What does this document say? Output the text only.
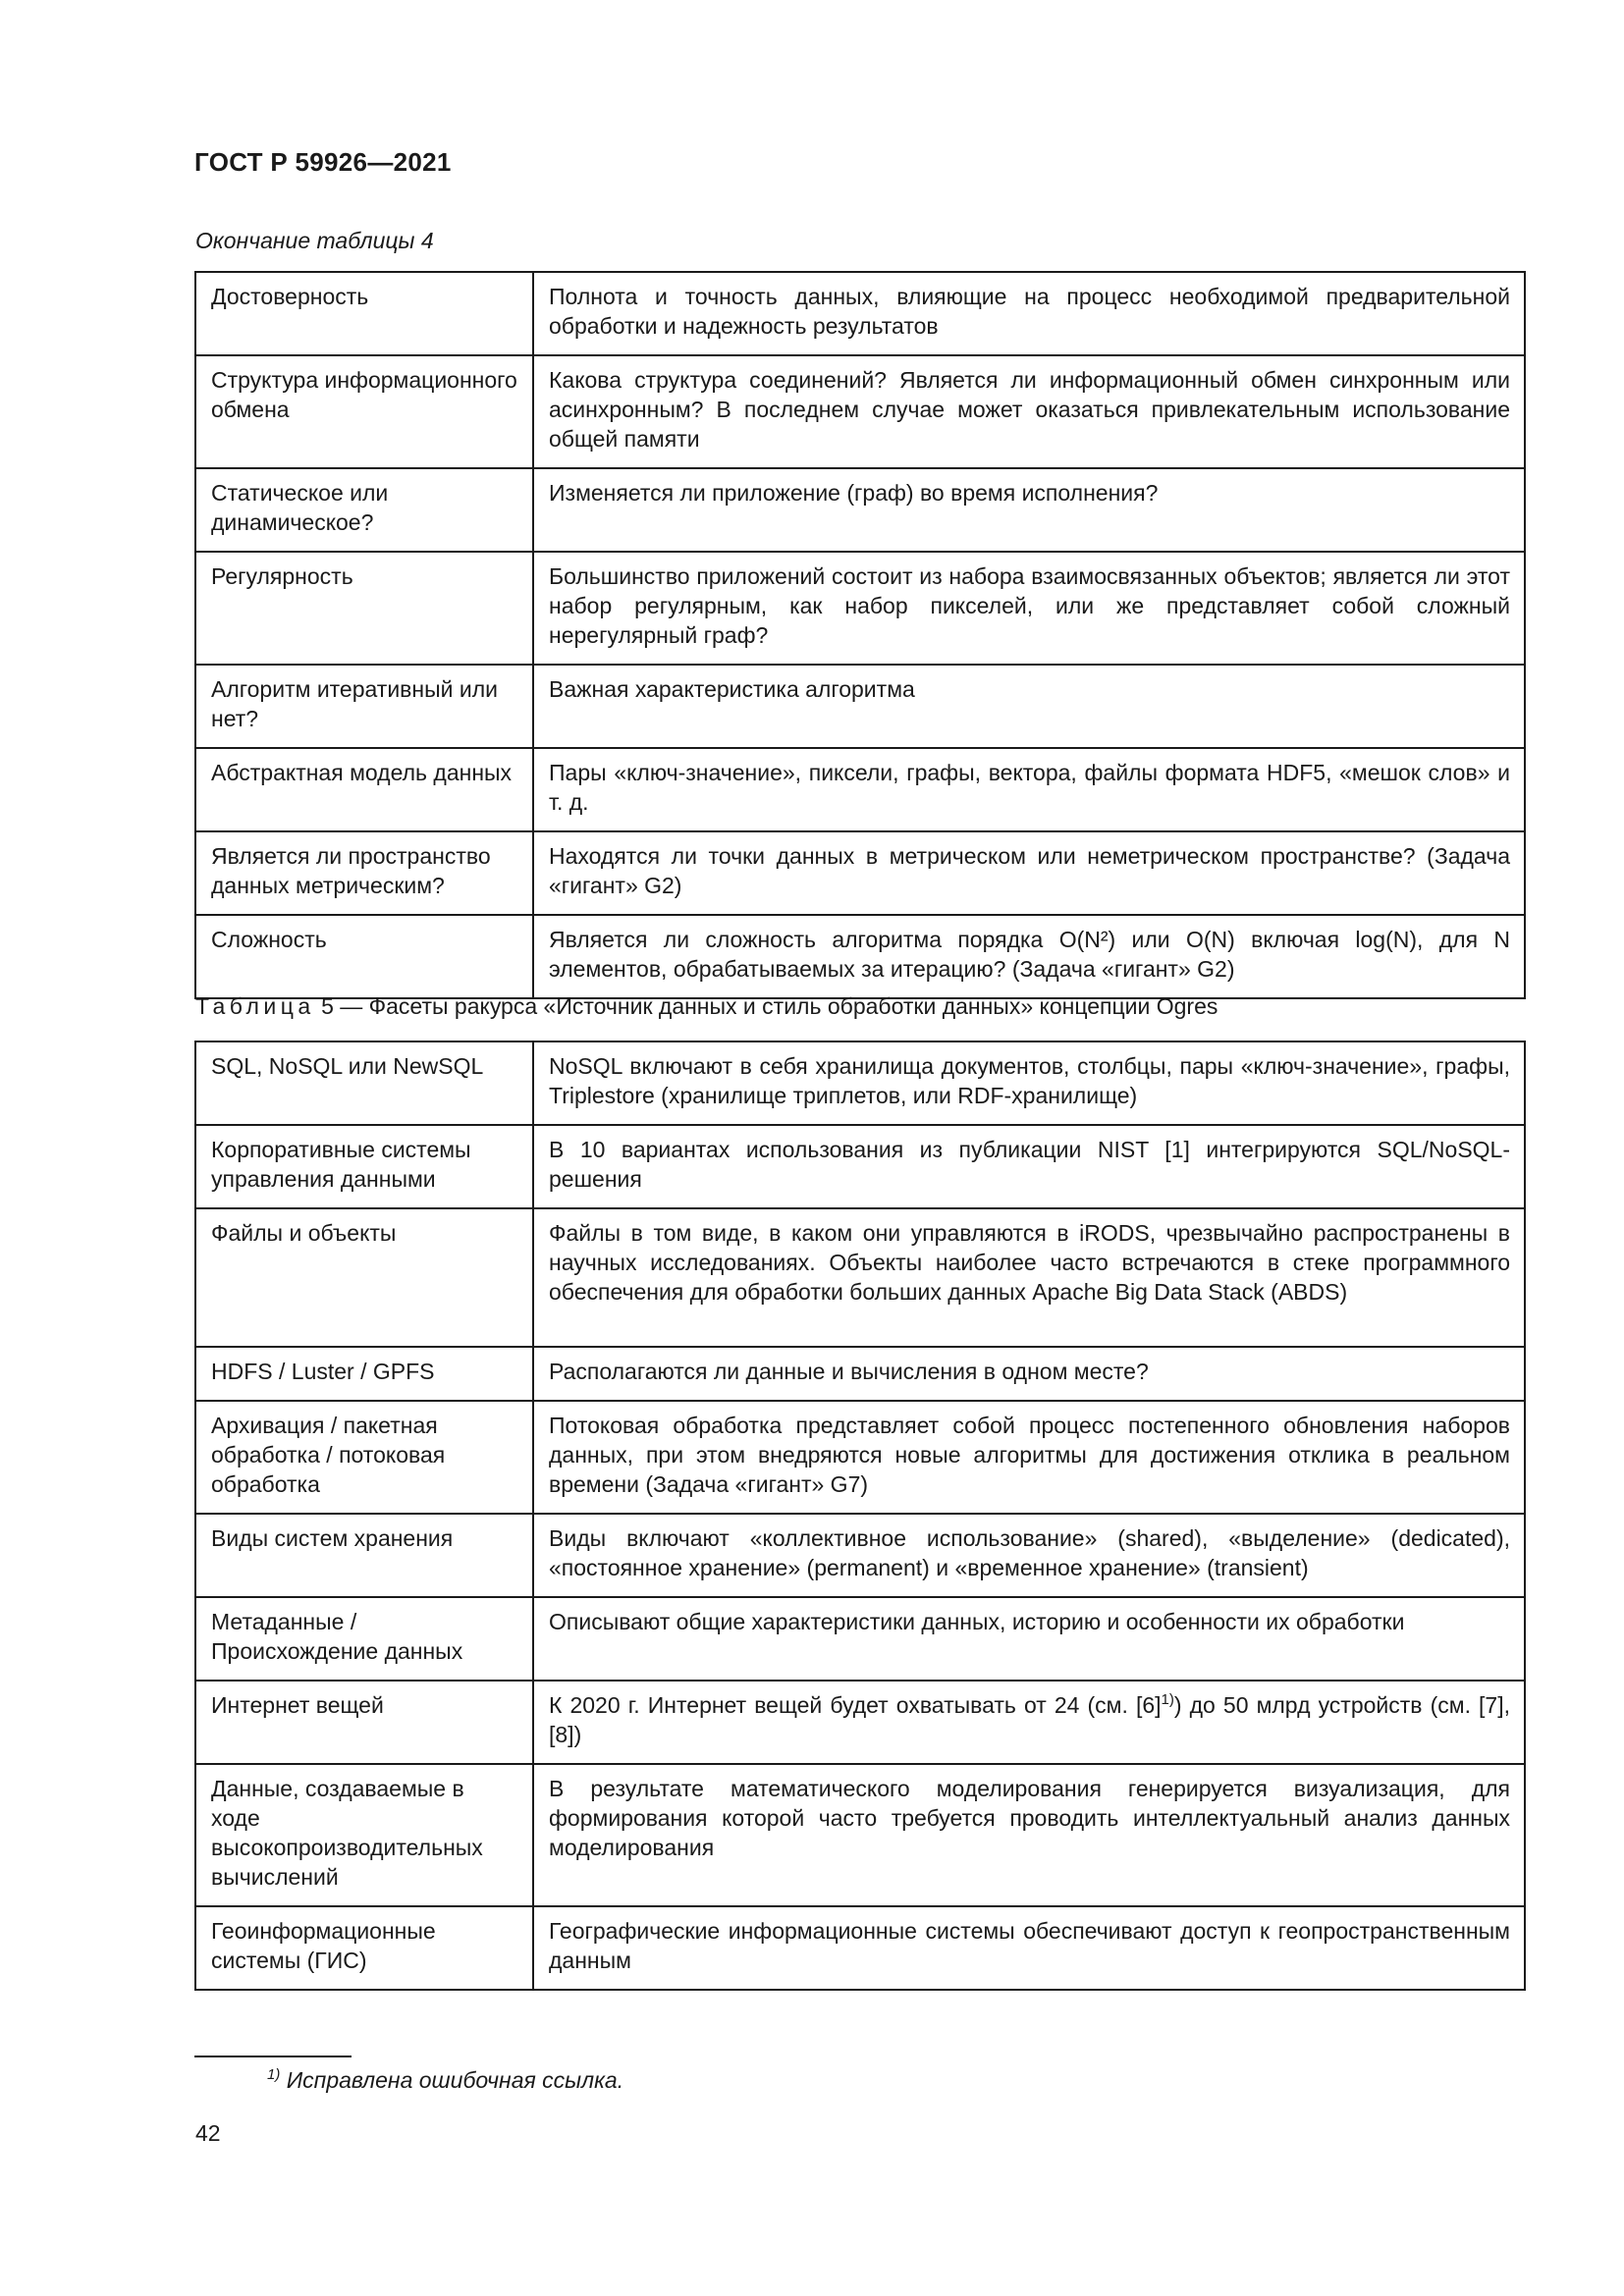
ГОСТ Р 59926—2021
Окончание таблицы 4
Достоверность	Полнота и точность данных, влияющие на процесс необходимой предварительной обработки и надежность результатов
Структура информационного обмена	Какова структура соединений? Является ли информационный обмен синхронным или асинхронным? В последнем случае может оказаться привлекательным использование общей памяти
Статическое или динамическое?	Изменяется ли приложение (граф) во время исполнения?
Регулярность	Большинство приложений состоит из набора взаимосвязанных объектов; является ли этот набор регулярным, как набор пикселей, или же представляет собой сложный нерегулярный граф?
Алгоритм итеративный или нет?	Важная характеристика алгоритма
Абстрактная модель данных	Пары «ключ-значение», пиксели, графы, вектора, файлы формата HDF5, «мешок слов» и т. д.
Является ли пространство данных метрическим?	Находятся ли точки данных в метрическом или неметрическом пространстве? (Задача «гигант» G2)
Сложность	Является ли сложность алгоритма порядка O(N²) или O(N) включая log(N), для N элементов, обрабатываемых за итерацию? (Задача «гигант» G2)
Таблица 5 — Фасеты ракурса «Источник данных и стиль обработки данных» концепции Ogres
SQL, NoSQL или NewSQL	NoSQL включают в себя хранилища документов, столбцы, пары «ключ-значение», графы, Triplestore (хранилище триплетов, или RDF-хранилище)
Корпоративные системы управления данными	В 10 вариантах использования из публикации NIST [1] интегрируются SQL/NoSQL-решения
Файлы и объекты	Файлы в том виде, в каком они управляются в iRODS, чрезвычайно распространены в научных исследованиях. Объекты наиболее часто встречаются в стеке программного обеспечения для обработки больших данных Apache Big Data Stack (ABDS)
HDFS / Luster / GPFS	Располагаются ли данные и вычисления в одном месте?
Архивация / пакетная обработка / потоковая обработка	Потоковая обработка представляет собой процесс постепенного обновления наборов данных, при этом внедряются новые алгоритмы для достижения отклика в реальном времени (Задача «гигант» G7)
Виды систем хранения	Виды включают «коллективное использование» (shared), «выделение» (dedicated), «постоянное хранение» (permanent) и «временное хранение» (transient)
Метаданные / Происхождение данных	Описывают общие характеристики данных, историю и особенности их обработки
Интернет вещей	К 2020 г. Интернет вещей будет охватывать от 24 (см. $[6]^{1)}$) до 50 млрд устройств (см. [7], [8])
Данные, создаваемые в ходе высокопроизводительных вычислений	В результате математического моделирования генерируется визуализация, для формирования которой часто требуется проводить интеллектуальный анализ данных моделирования
Геоинформационные системы (ГИС)	Географические информационные системы обеспечивают доступ к геопространственным данным
$^{1)}$ Исправлена ошибочная ссылка.
42
